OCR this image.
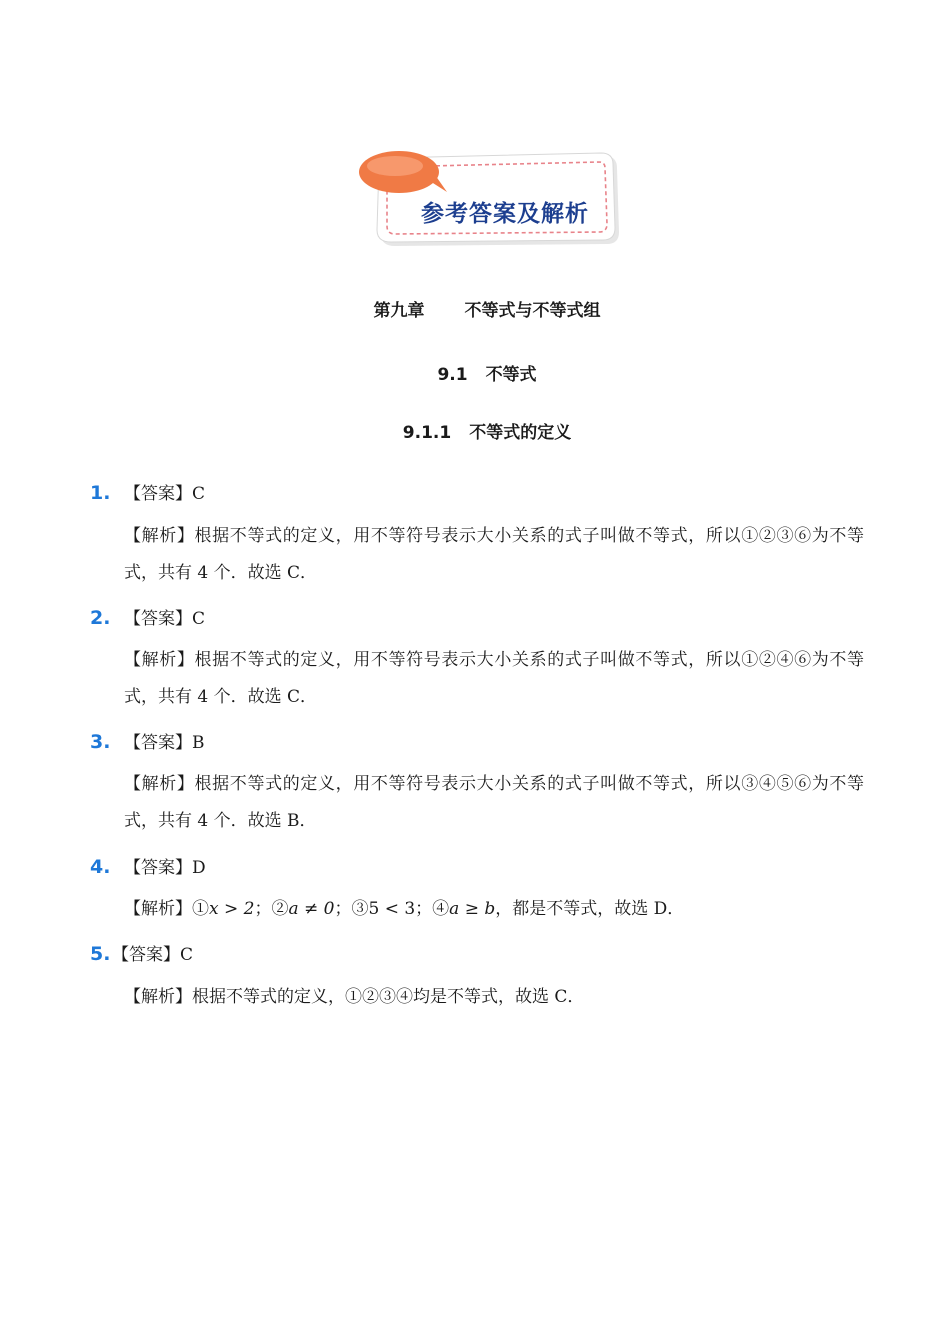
参考答案及解析
第九章 不等式与不等式组
9.1 不等式
9.1.1 不等式的定义
1. 【答案】C
【解析】根据不等式的定义，用不等符号表示大小关系的式子叫做不等式，所以①②③⑥为不等式，共有 4 个．故选 C．
2. 【答案】C
【解析】根据不等式的定义，用不等符号表示大小关系的式子叫做不等式，所以①②④⑥为不等式，共有 4 个．故选 C．
3. 【答案】B
【解析】根据不等式的定义，用不等符号表示大小关系的式子叫做不等式，所以③④⑤⑥为不等式，共有 4 个．故选 B．
4. 【答案】D
【解析】①x > 2；②a ≠ 0；③5 < 3；④a ≥ b，都是不等式，故选 D．
5.【答案】C
【解析】根据不等式的定义，①②③④均是不等式，故选 C．
